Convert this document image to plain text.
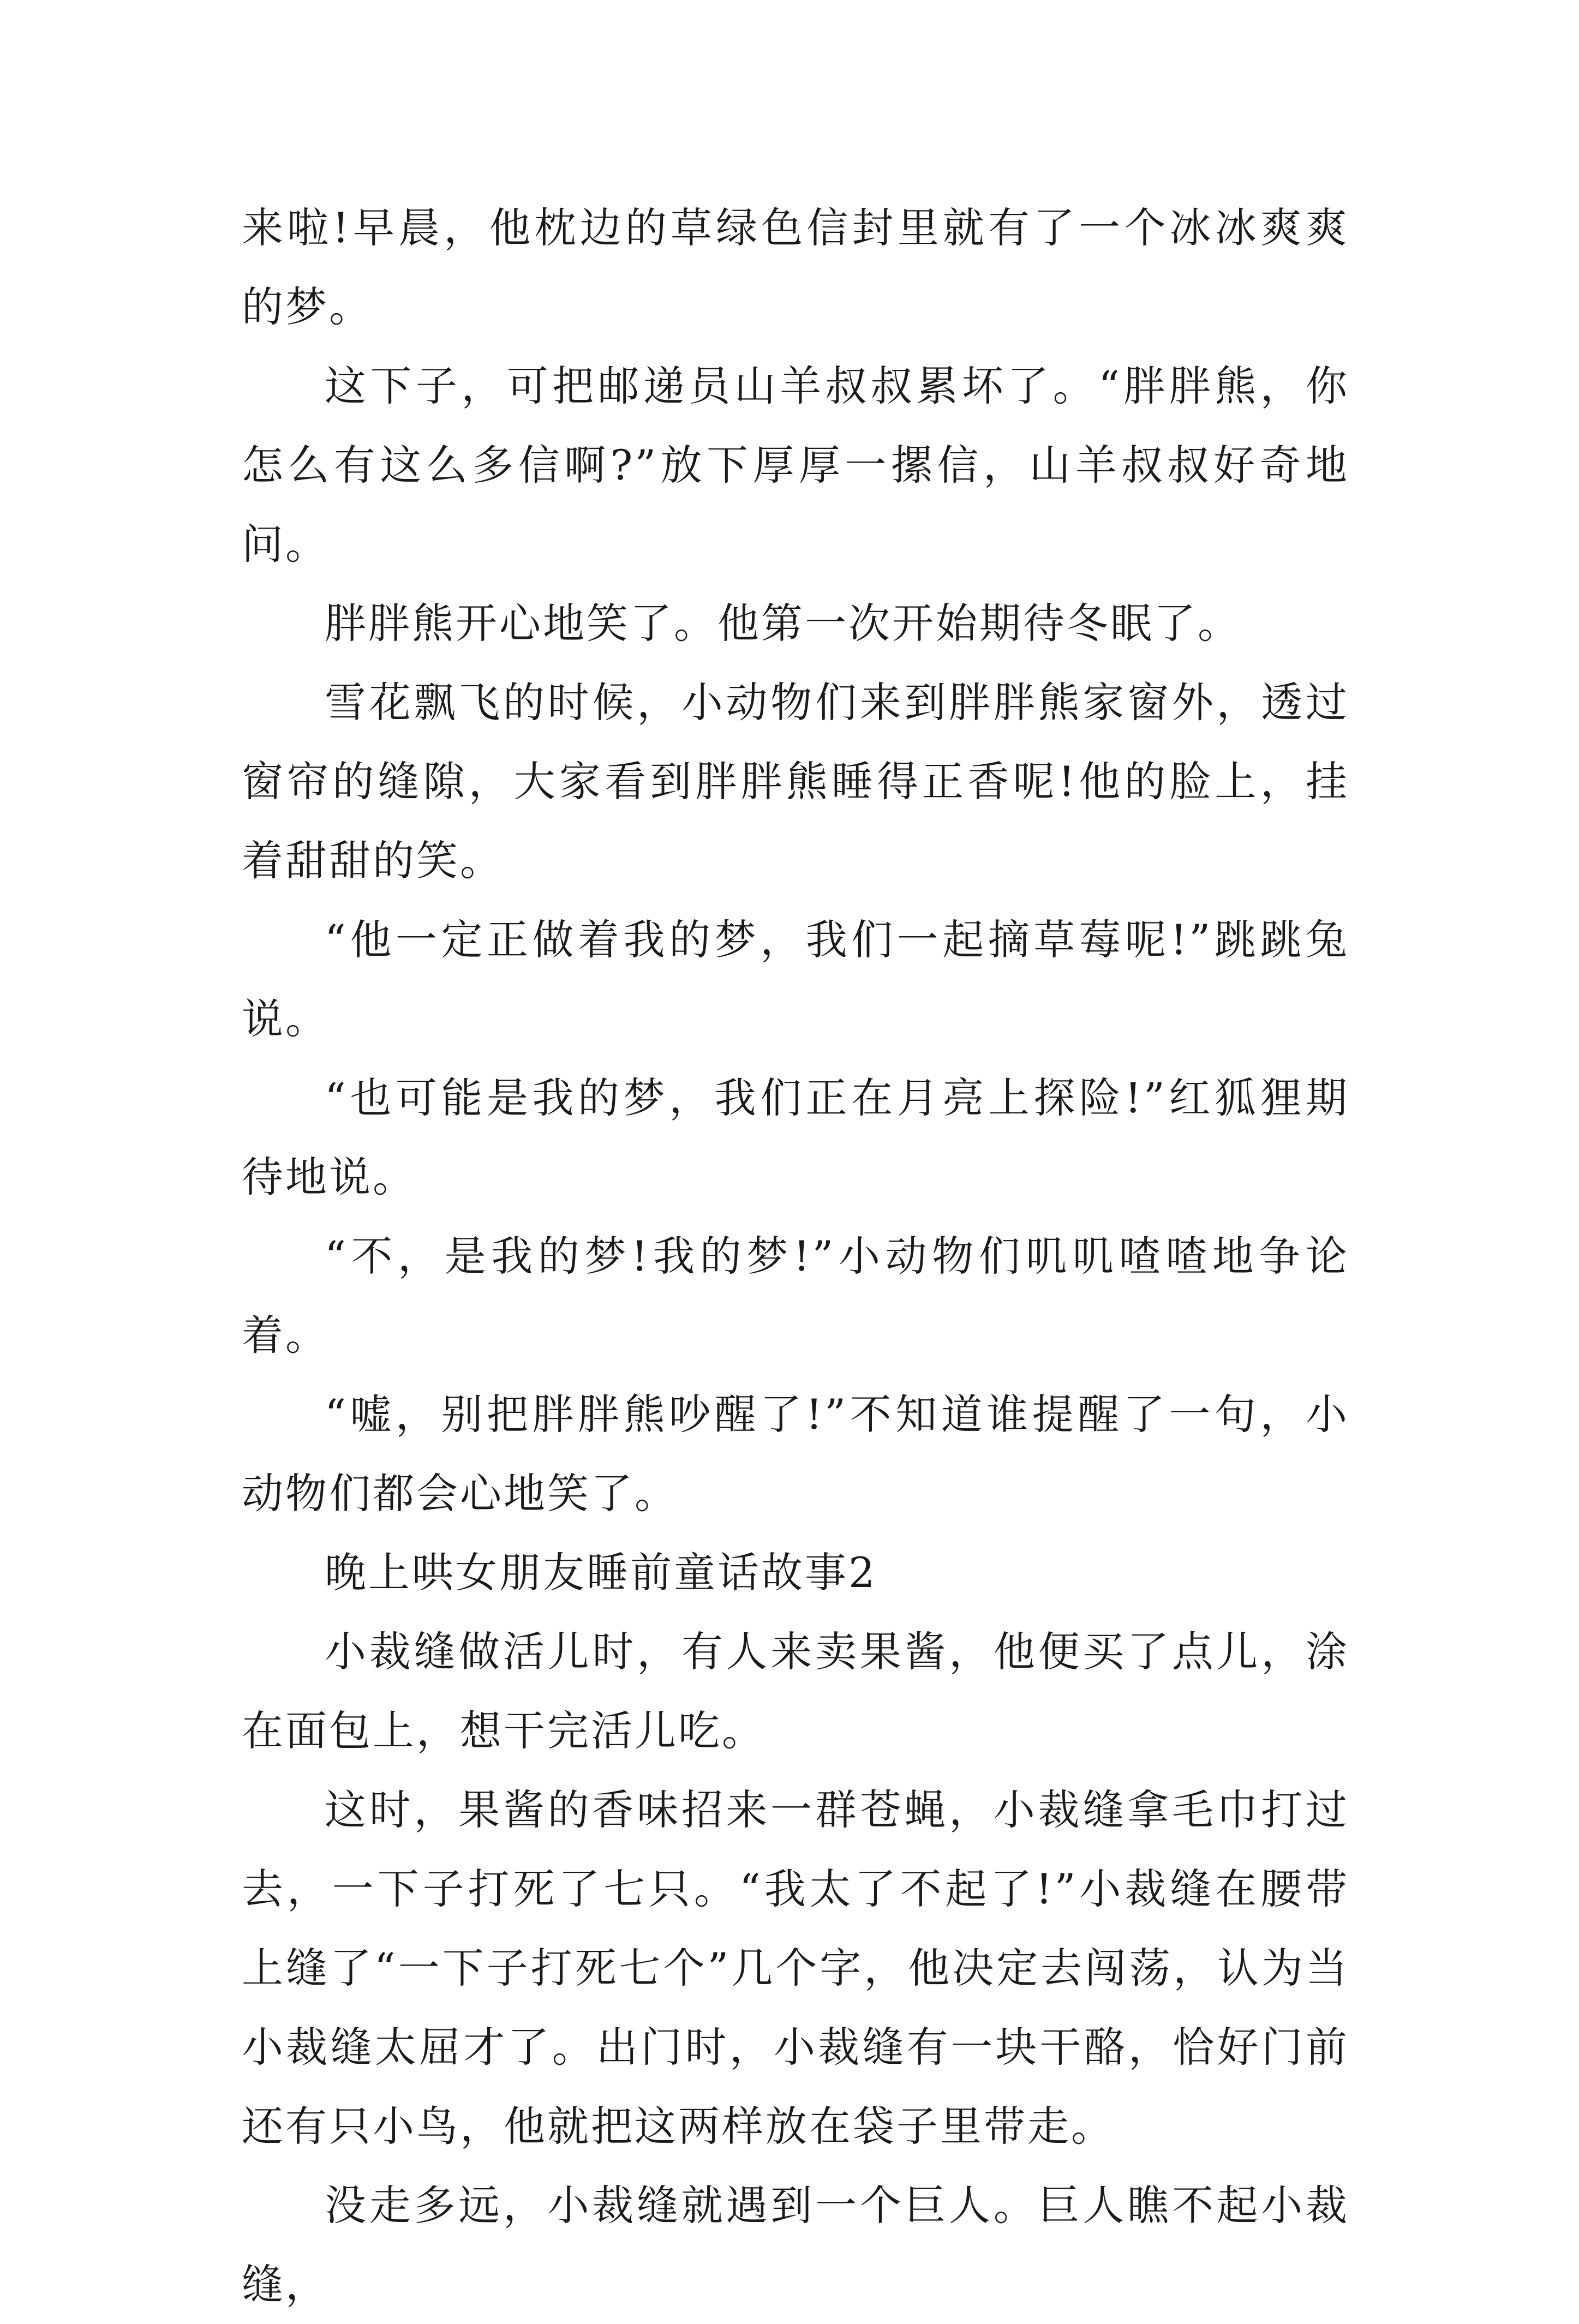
来啦!早晨，他枕边的草绿色信封里就有了一个冰冰爽爽的梦。

这下子，可把邮递员山羊叔叔累坏了。“胖胖熊，你怎么有这么多信啊?”放下厚厚一摞信，山羊叔叔好奇地问。

胖胖熊开心地笑了。他第一次开始期待冬眠了。

雪花飘飞的时候，小动物们来到胖胖熊家窗外，透过窗帘的缝隙，大家看到胖胖熊睡得正香呢!他的脸上，挂着甜甜的笑。

“他一定正做着我的梦，我们一起摘草莓呢!”跳跳兔说。

“也可能是我的梦，我们正在月亮上探险!”红狐狸期待地说。

“不，是我的梦!我的梦!”小动物们叽叽喳喳地争论着。

“嘘，别把胖胖熊吵醒了!”不知道谁提醒了一句，小动物们都会心地笑了。

晚上哄女朋友睡前童话故事2

小裁缝做活儿时，有人来卖果酱，他便买了点儿，涂在面包上，想干完活儿吃。

这时，果酱的香味招来一群苍蝇，小裁缝拿毛巾打过去，一下子打死了七只。“我太了不起了!”小裁缝在腰带上缝了“一下子打死七个”几个字，他决定去闯荡，认为当小裁缝太屈才了。出门时，小裁缝有一块干酪，恰好门前还有只小鸟，他就把这两样放在袋子里带走。

没走多远，小裁缝就遇到一个巨人。巨人瞧不起小裁缝，
